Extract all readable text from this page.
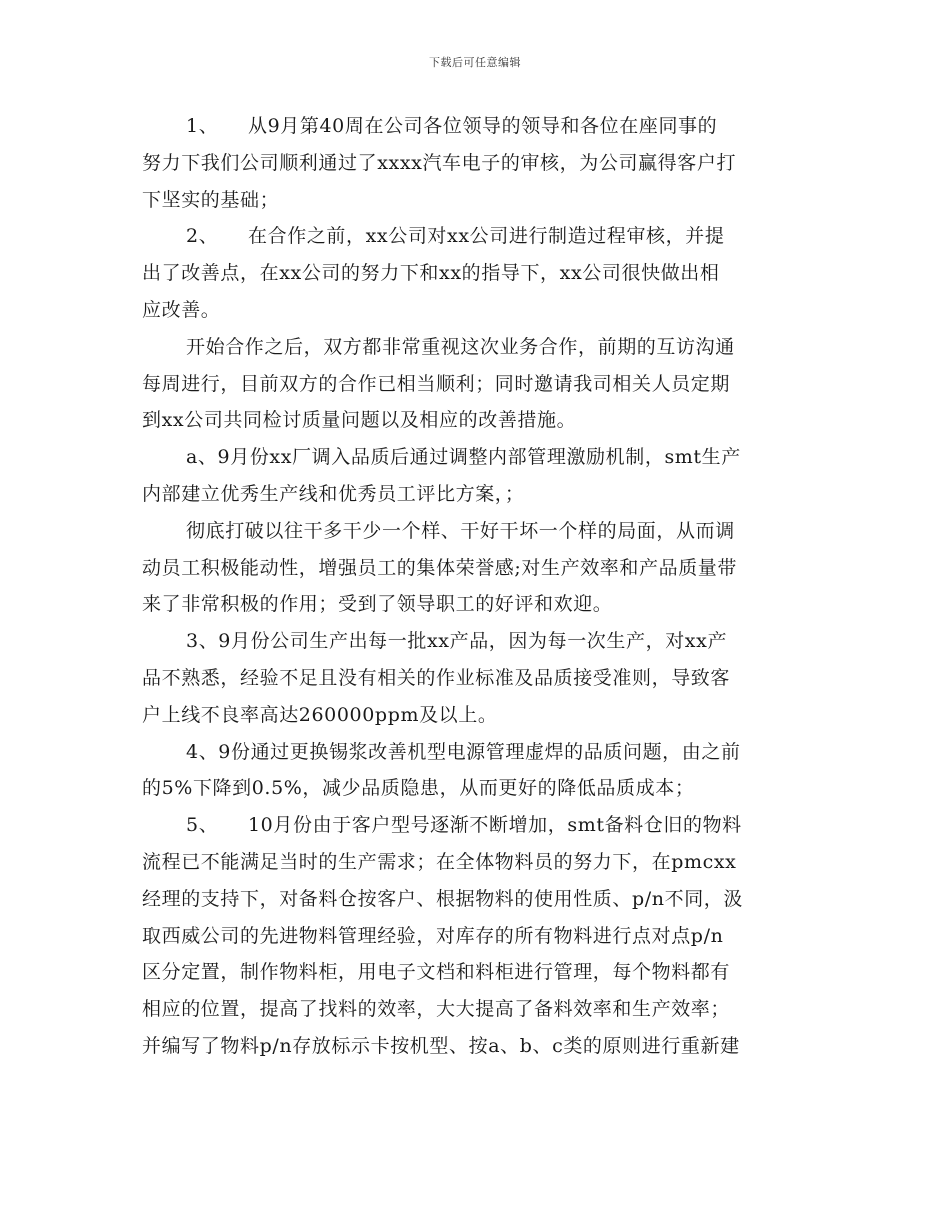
下载后可任意编辑
1、　　从9月第40周在公司各位领导的领导和各位在座同事的
努力下我们公司顺利通过了xxxx汽车电子的审核，为公司赢得客户打
下坚实的基础；
2、　　在合作之前，xx公司对xx公司进行制造过程审核，并提
出了改善点，在xx公司的努力下和xx的指导下，xx公司很快做出相
应改善。
开始合作之后，双方都非常重视这次业务合作，前期的互访沟通
每周进行，目前双方的合作已相当顺利；同时邀请我司相关人员定期
到xx公司共同检讨质量问题以及相应的改善措施。
a、9月份xx厂调入品质后通过调整内部管理激励机制，smt生产
内部建立优秀生产线和优秀员工评比方案，；
彻底打破以往干多干少一个样、干好干坏一个样的局面，从而调
动员工积极能动性，增强员工的集体荣誉感;对生产效率和产品质量带
来了非常积极的作用；受到了领导职工的好评和欢迎。
3、9月份公司生产出每一批xx产品，因为每一次生产，对xx产
品不熟悉，经验不足且没有相关的作业标准及品质接受准则，导致客
户上线不良率高达260000ppm及以上。
4、9份通过更换锡浆改善机型电源管理虚焊的品质问题，由之前
的5%下降到0.5%，减少品质隐患，从而更好的降低品质成本；
5、　　10月份由于客户型号逐渐不断增加，smt备料仓旧的物料
流程已不能满足当时的生产需求；在全体物料员的努力下，在pmcxx
经理的支持下，对备料仓按客户、根据物料的使用性质、p/n不同，汲
取西威公司的先进物料管理经验，对库存的所有物料进行点对点p/n
区分定置，制作物料柜，用电子文档和料柜进行管理，每个物料都有
相应的位置，提高了找料的效率，大大提高了备料效率和生产效率；
并编写了物料p/n存放标示卡按机型、按a、b、c类的原则进行重新建
